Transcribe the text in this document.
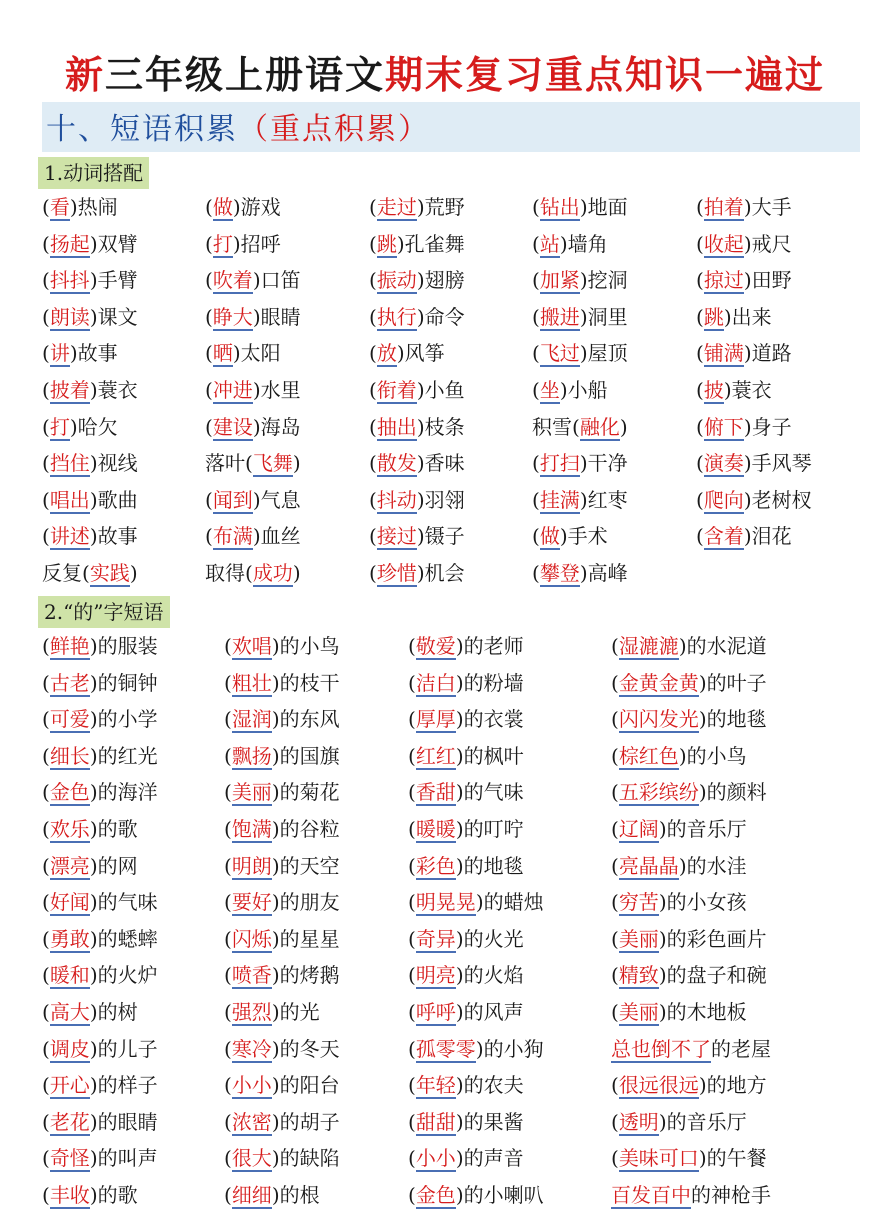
新三年级上册语文期末复习重点知识一遍过
十、短语积累（重点积累）
1.动词搭配
(看)热闹	(做)游戏	(走过)荒野	(钻出)地面	(拍着)大手
(扬起)双臂	(打)招呼	(跳)孔雀舞	(站)墙角	(收起)戒尺
(抖抖)手臂	(吹着)口笛	(振动)翅膀	(加紧)挖洞	(掠过)田野
(朗读)课文	(睁大)眼睛	(执行)命令	(搬进)洞里	(跳)出来
(讲)故事	(晒)太阳	(放)风筝	(飞过)屋顶	(铺满)道路
(披着)蓑衣	(冲进)水里	(衔着)小鱼	(坐)小船	(披)蓑衣
(打)哈欠	(建设)海岛	(抽出)枝条	积雪(融化)	(俯下)身子
(挡住)视线	落叶(飞舞)	(散发)香味	(打扫)干净	(演奏)手风琴
(唱出)歌曲	(闻到)气息	(抖动)羽翎	(挂满)红枣	(爬向)老树杈
(讲述)故事	(布满)血丝	(接过)镊子	(做)手术	(含着)泪花
反复(实践)	取得(成功)	(珍惜)机会	(攀登)高峰
2.“的”字短语
(鲜艳)的服装	(欢唱)的小鸟	(敬爱)的老师	(湿漉漉)的水泥道
(古老)的铜钟	(粗壮)的枝干	(洁白)的粉墙	(金黄金黄)的叶子
(可爱)的小学	(湿润)的东风	(厚厚)的衣裳	(闪闪发光)的地毯
(细长)的红光	(飘扬)的国旗	(红红)的枫叶	(棕红色)的小鸟
(金色)的海洋	(美丽)的菊花	(香甜)的气味	(五彩缤纷)的颜料
(欢乐)的歌	(饱满)的谷粒	(暖暖)的叮咛	(辽阔)的音乐厅
(漂亮)的网	(明朗)的天空	(彩色)的地毯	(亮晶晶)的水洼
(好闻)的气味	(要好)的朋友	(明晃晃)的蜡烛	(穷苦)的小女孩
(勇敢)的蟋蟀	(闪烁)的星星	(奇异)的火光	(美丽)的彩色画片
(暖和)的火炉	(喷香)的烤鹅	(明亮)的火焰	(精致)的盘子和碗
(高大)的树	(强烈)的光	(呼呼)的风声	(美丽)的木地板
(调皮)的儿子	(寒冷)的冬天	(孤零零)的小狗	总也倒不了的老屋
(开心)的样子	(小小)的阳台	(年轻)的农夫	(很远很远)的地方
(老花)的眼睛	(浓密)的胡子	(甜甜)的果酱	(透明)的音乐厅
(奇怪)的叫声	(很大)的缺陷	(小小)的声音	(美味可口)的午餐
(丰收)的歌	(细细)的根	(金色)的小喇叭	百发百中的神枪手
